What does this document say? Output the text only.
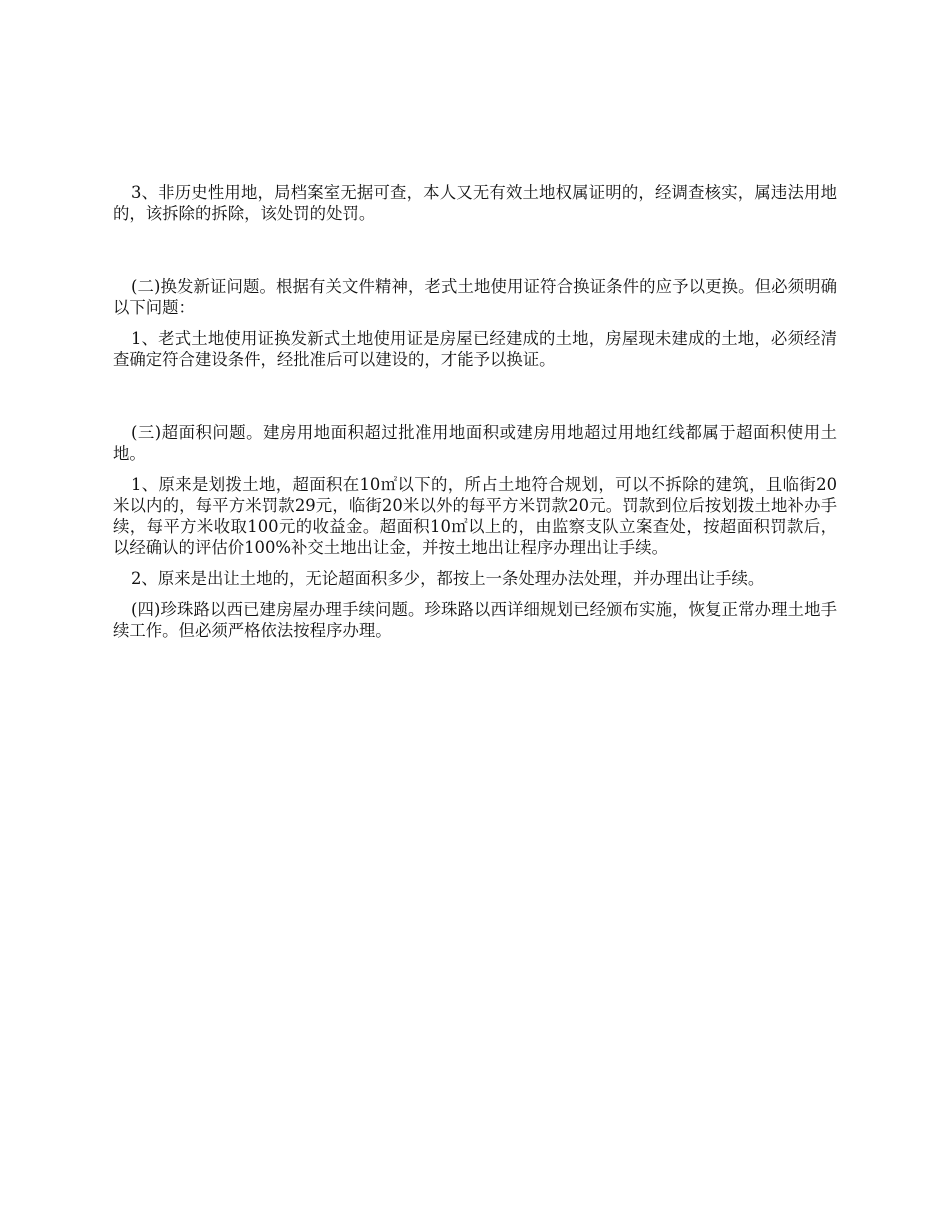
3、非历史性用地，局档案室无据可查，本人又无有效土地权属证明的，经调查核实，属违法用地的，该拆除的拆除，该处罚的处罚。

(二)换发新证问题。根据有关文件精神，老式土地使用证符合换证条件的应予以更换。但必须明确以下问题：

1、老式土地使用证换发新式土地使用证是房屋已经建成的土地，房屋现未建成的土地，必须经清查确定符合建设条件，经批准后可以建设的，才能予以换证。

(三)超面积问题。建房用地面积超过批准用地面积或建房用地超过用地红线都属于超面积使用土地。

1、原来是划拨土地，超面积在10㎡以下的，所占土地符合规划，可以不拆除的建筑，且临街20米以内的，每平方米罚款29元，临街20米以外的每平方米罚款20元。罚款到位后按划拨土地补办手续，每平方米收取100元的收益金。超面积10㎡以上的，由监察支队立案查处，按超面积罚款后，以经确认的评估价100%补交土地出让金，并按土地出让程序办理出让手续。

2、原来是出让土地的，无论超面积多少，都按上一条处理办法处理，并办理出让手续。

(四)珍珠路以西已建房屋办理手续问题。珍珠路以西详细规划已经颁布实施，恢复正常办理土地手续工作。但必须严格依法按程序办理。
